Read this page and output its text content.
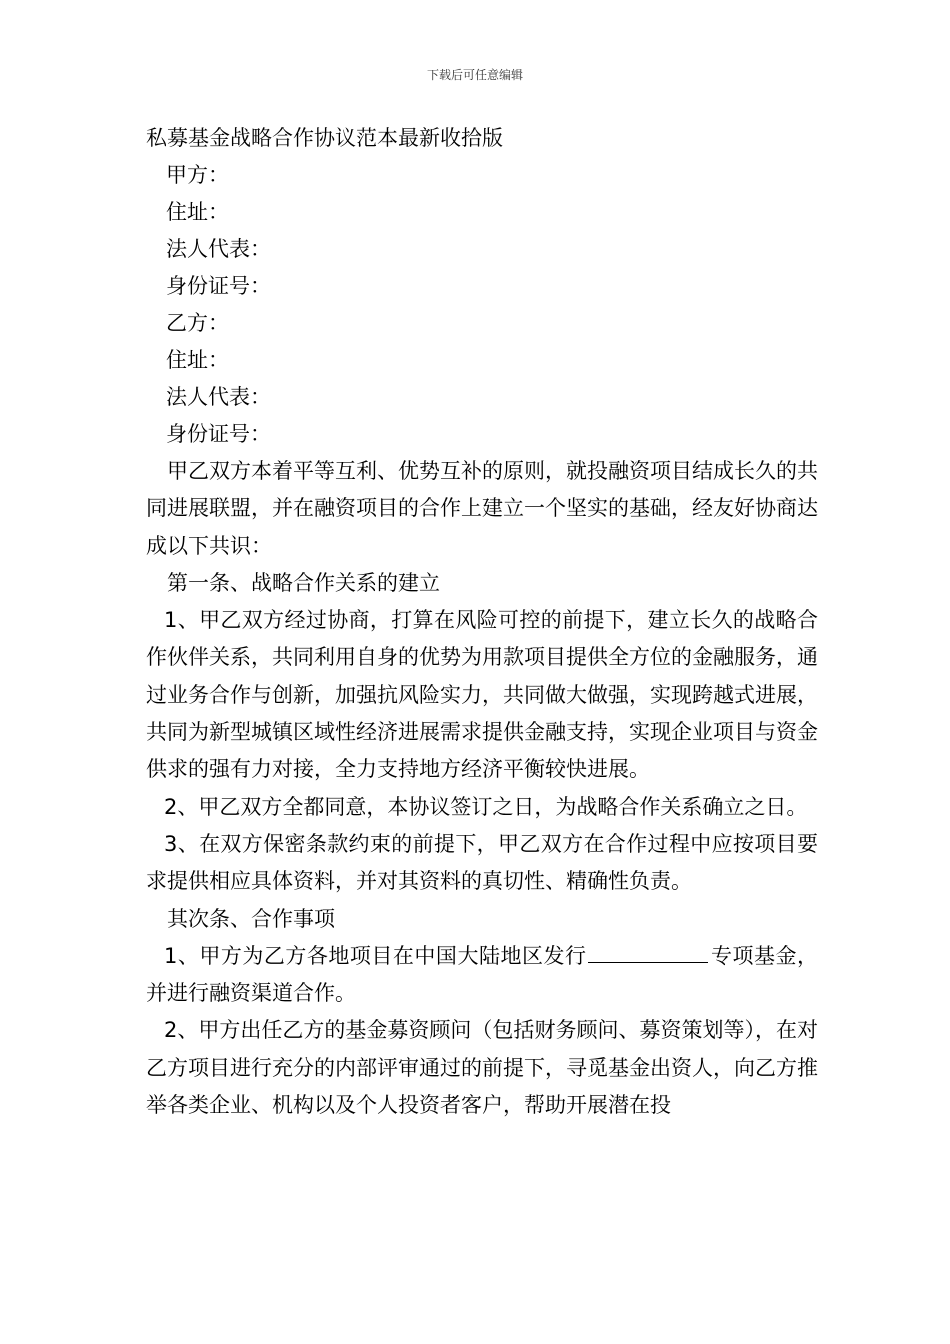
下载后可任意编辑
私募基金战略合作协议范本最新收拾版
甲方：
住址：
法人代表：
身份证号：
乙方：
住址：
法人代表：
身份证号：

甲乙双方本着平等互利、优势互补的原则，就投融资项目结成长久的共同进展联盟，并在融资项目的合作上建立一个坚实的基础，经友好协商达成以下共识：

第一条、战略合作关系的建立

1、甲乙双方经过协商，打算在风险可控的前提下，建立长久的战略合作伙伴关系，共同利用自身的优势为用款项目提供全方位的金融服务，通过业务合作与创新，加强抗风险实力，共同做大做强，实现跨越式进展，共同为新型城镇区域性经济进展需求提供金融支持，实现企业项目与资金供求的强有力对接，全力支持地方经济平衡较快进展。

2、甲乙双方全都同意，本协议签订之日，为战略合作关系确立之日。

3、在双方保密条款约束的前提下，甲乙双方在合作过程中应按项目要求提供相应具体资料，并对其资料的真切性、精确性负责。

其次条、合作事项

1、甲方为乙方各地项目在中国大陆地区发行	专项基金，并进行融资渠道合作。

2、甲方出任乙方的基金募资顾问（包括财务顾问、募资策划等），在对乙方项目进行充分的内部评审通过的前提下，寻觅基金出资人，向乙方推举各类企业、机构以及个人投资者客户，帮助开展潜在投
